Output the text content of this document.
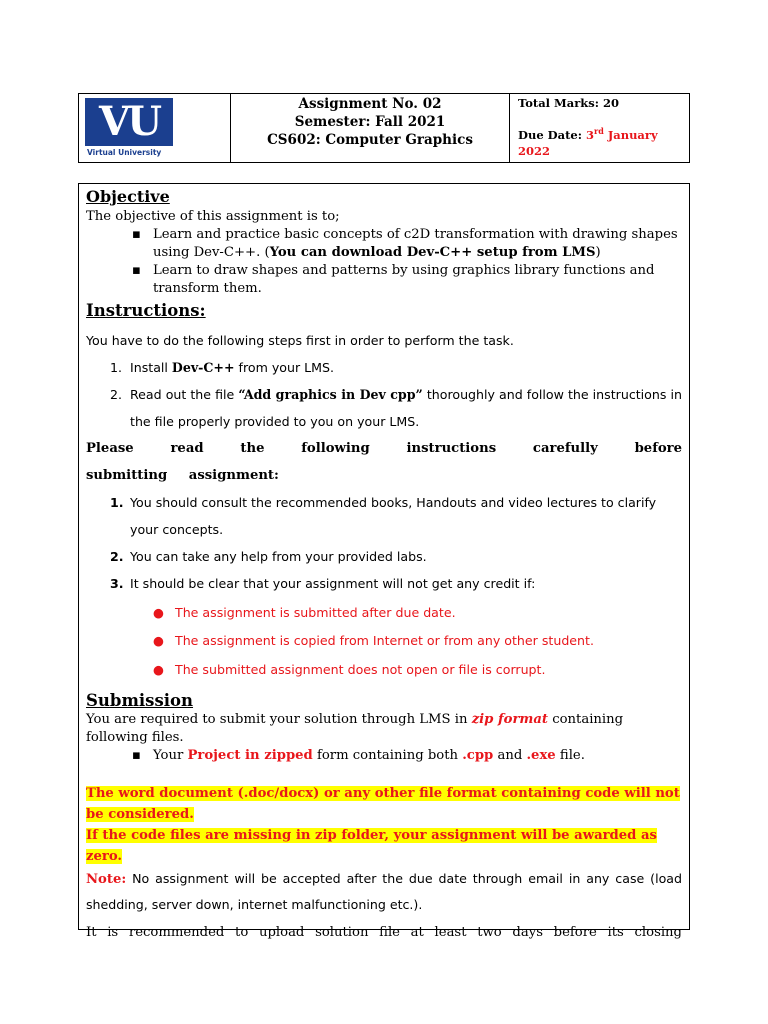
VU
Virtual University
Assignment No. 02
Semester: Fall 2021
CS602: Computer Graphics
Total Marks: 20
Due Date: 3rd January
2022

Objective

The objective of this assignment is to;

▪ Learn and practice basic concepts of c2D transformation with drawing shapes using Dev-C++. (You can download Dev-C++ setup from LMS)
▪ Learn to draw shapes and patterns by using graphics library functions and transform them.

Instructions:

You have to do the following steps first in order to perform the task.
1. Install Dev-C++ from your LMS.
2. Read out the file “Add graphics in Dev cpp” thoroughly and follow the instructions in the file properly provided to you on your LMS.
Please read the following instructions carefully before submitting assignment:
1. You should consult the recommended books, Handouts and video lectures to clarify your concepts.
2. You can take any help from your provided labs.
3. It should be clear that your assignment will not get any credit if:
● The assignment is submitted after due date.
● The assignment is copied from Internet or from any other student.
● The submitted assignment does not open or file is corrupt.

Submission

You are required to submit your solution through LMS in zip format containing following files.

▪ Your Project in zipped form containing both .cpp and .exe file.
The word document (.doc/docx) or any other file format containing code will not be considered.
If the code files are missing in zip folder, your assignment will be awarded as zero.
Note: No assignment will be accepted after the due date through email in any case (load shedding, server down, internet malfunctioning etc.).
It is recommended to upload solution file at least two days before its closing
